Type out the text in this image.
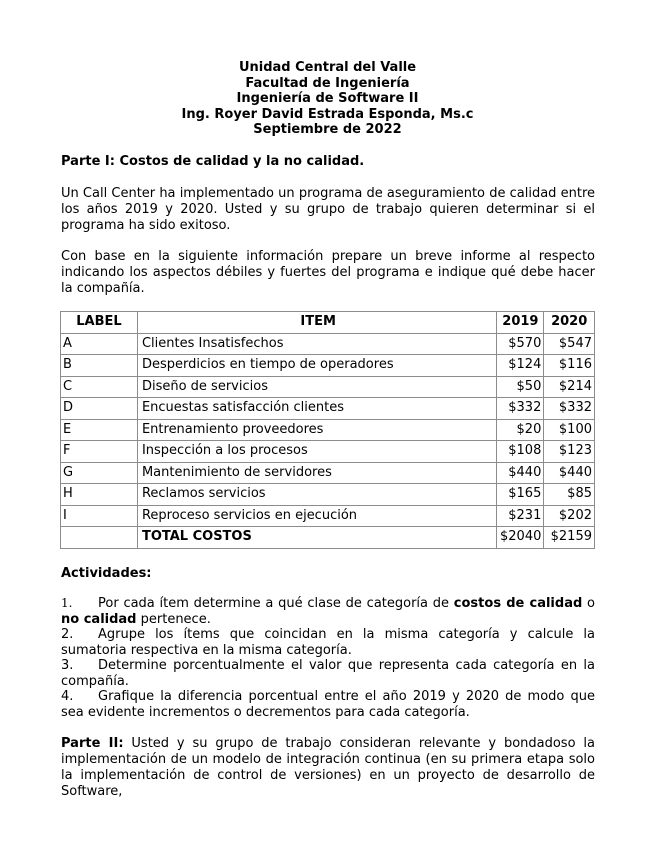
Unidad Central del Valle
Facultad de Ingeniería
Ingeniería de Software II
Ing. Royer David Estrada Esponda, Ms.c
Septiembre de 2022
Parte I: Costos de calidad y la no calidad.
Un Call Center ha implementado un programa de aseguramiento de calidad entre los años 2019 y 2020. Usted y su grupo de trabajo quieren determinar si el programa ha sido exitoso.
Con base en la siguiente información prepare un breve informe al respecto indicando los aspectos débiles y fuertes del programa e indique qué debe hacer la compañía.
LABEL	ITEM	2019	2020
A	Clientes Insatisfechos	$570	$547
B	Desperdicios en tiempo de operadores	$124	$116
C	Diseño de servicios	$50	$214
D	Encuestas satisfacción clientes	$332	$332
E	Entrenamiento proveedores	$20	$100
F	Inspección a los procesos	$108	$123
G	Mantenimiento de servidores	$440	$440
H	Reclamos servicios	$165	$85
I	Reproceso servicios en ejecución	$231	$202
	TOTAL COSTOS	$2040	$2159
Actividades:
1. Por cada ítem determine a qué clase de categoría de costos de calidad o no calidad pertenece.
2. Agrupe los ítems que coincidan en la misma categoría y calcule la sumatoria respectiva en la misma categoría.
3. Determine porcentualmente el valor que representa cada categoría en la compañía.
4. Grafique la diferencia porcentual entre el año 2019 y 2020 de modo que sea evidente incrementos o decrementos para cada categoría.
Parte II: Usted y su grupo de trabajo consideran relevante y bondadoso la implementación de un modelo de integración continua (en su primera etapa solo la implementación de control de versiones) en un proyecto de desarrollo de Software,
